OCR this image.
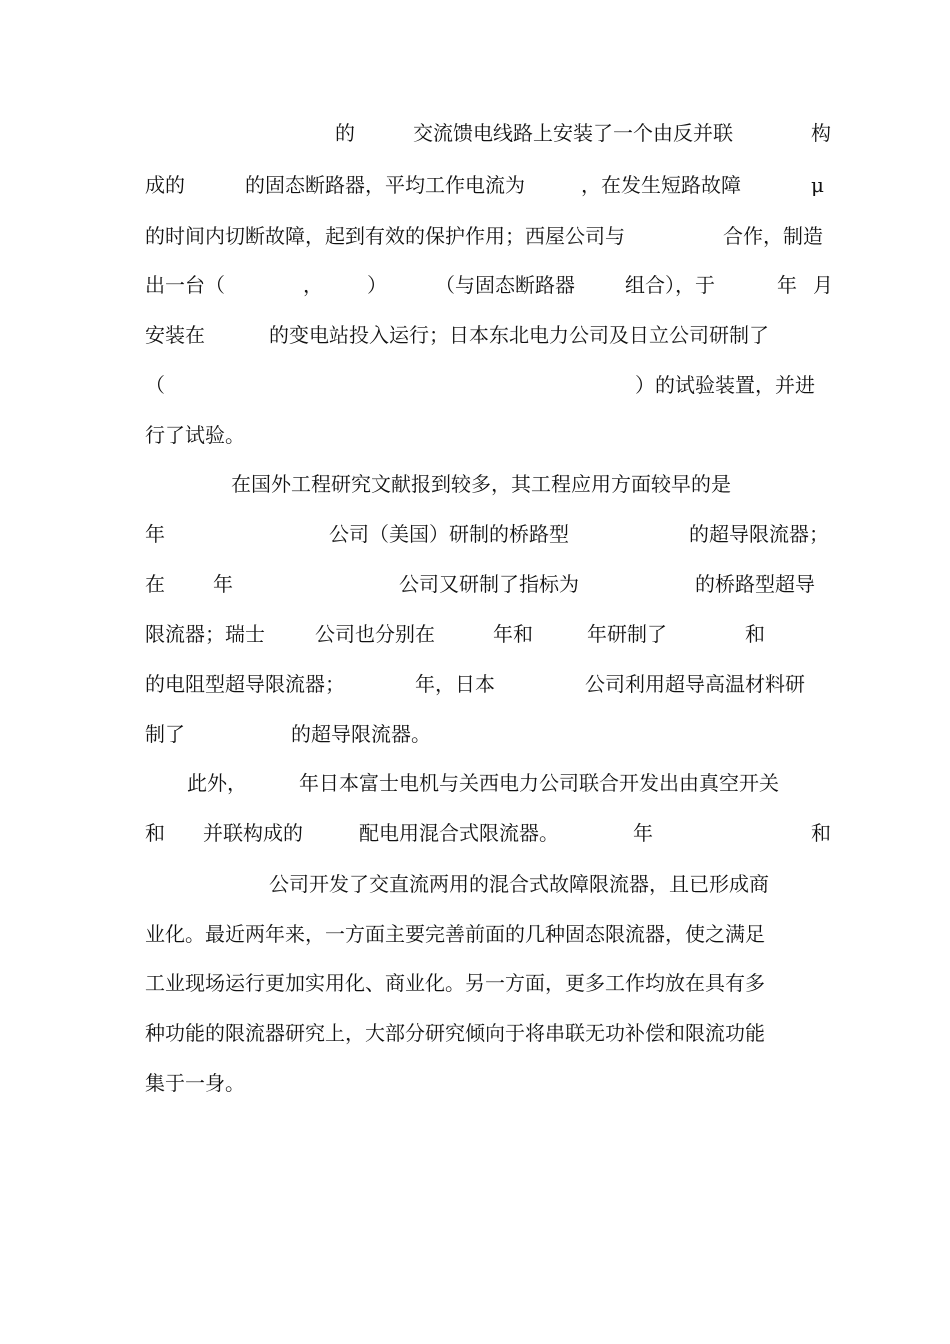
的	交流馈电线路上安装了一个由反并联	构
成的	的固态断路器，平均工作电流为	，在发生短路故障	μ
的时间内切断故障，起到有效的保护作用；西屋公司与	合作，制造
出一台（	， ） （与固态断路器	组合），于	年 月
安装在	的变电站投入运行；日本东北电力公司及日立公司研制了
（	）的试验装置，并进
行了试验。
在国外工程研究文献报到较多，其工程应用方面较早的是
年	公司（美国）研制的桥路型	的超导限流器；
在 年	公司又研制了指标为	的桥路型超导
限流器；瑞士	公司也分别在	年和	年研制了	和
的电阻型超导限流器；	年，日本	公司利用超导高温材料研
制了	的超导限流器。
此外，	年日本富士电机与关西电力公司联合开发出由真空开关
和 并联构成的	配电用混合式限流器。	年	和
公司开发了交直流两用的混合式故障限流器，且已形成商
业化。最近两年来，一方面主要完善前面的几种固态限流器，使之满足
工业现场运行更加实用化、商业化。另一方面，更多工作均放在具有多
种功能的限流器研究上，大部分研究倾向于将串联无功补偿和限流功能
集于一身。
